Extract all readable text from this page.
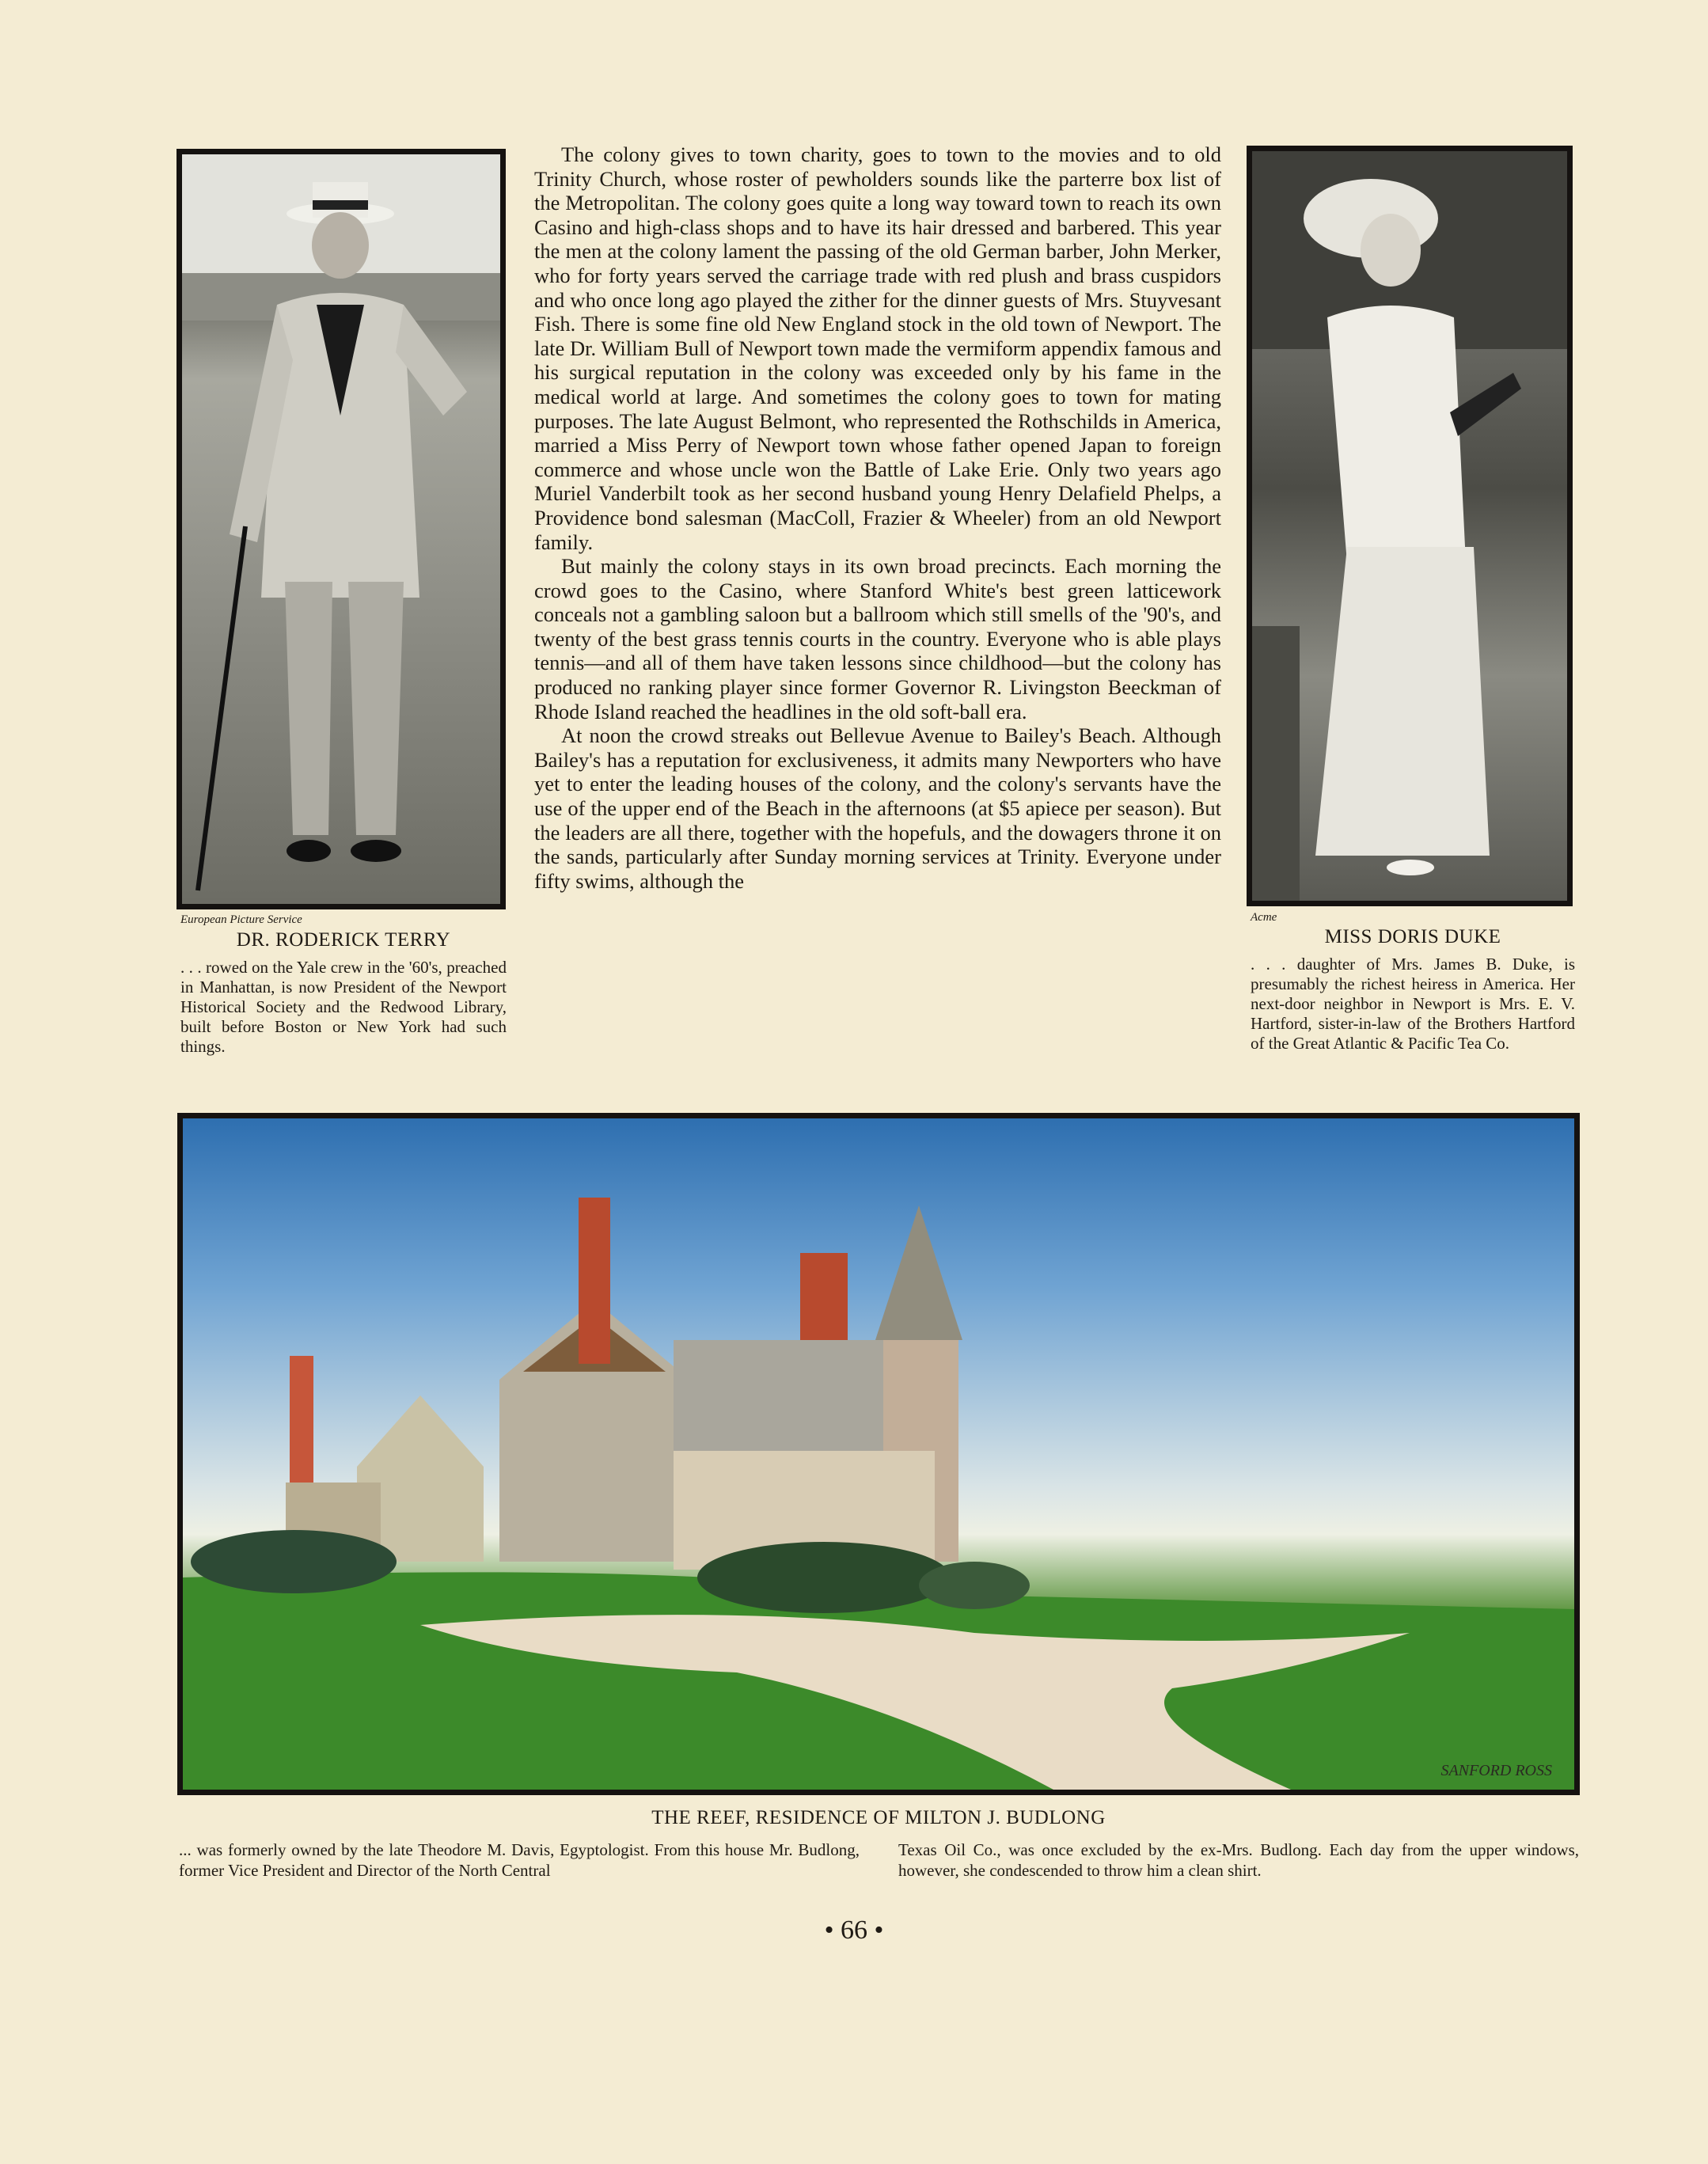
European Picture Service
DR. RODERICK TERRY
. . . rowed on the Yale crew in the '60's, preached in Manhattan, is now President of the Newport Historical Society and the Redwood Library, built before Boston or New York had such things.

The colony gives to town charity, goes to town to the movies and to old Trinity Church, whose roster of pewholders sounds like the parterre box list of the Metropolitan. The colony goes quite a long way toward town to reach its own Casino and high-class shops and to have its hair dressed and barbered. This year the men at the colony lament the passing of the old German barber, John Merker, who for forty years served the carriage trade with red plush and brass cuspidors and who once long ago played the zither for the dinner guests of Mrs. Stuyvesant Fish. There is some fine old New England stock in the old town of Newport. The late Dr. William Bull of Newport town made the vermiform appendix famous and his surgical reputation in the colony was exceeded only by his fame in the medical world at large. And sometimes the colony goes to town for mating purposes. The late August Belmont, who represented the Rothschilds in America, married a Miss Perry of Newport town whose father opened Japan to foreign commerce and whose uncle won the Battle of Lake Erie. Only two years ago Muriel Vanderbilt took as her second husband young Henry Delafield Phelps, a Providence bond salesman (MacColl, Frazier & Wheeler) from an old Newport family.

But mainly the colony stays in its own broad precincts. Each morning the crowd goes to the Casino, where Stanford White's best green latticework conceals not a gambling saloon but a ballroom which still smells of the '90's, and twenty of the best grass tennis courts in the country. Everyone who is able plays tennis—and all of them have taken lessons since childhood—but the colony has produced no ranking player since former Governor R. Livingston Beeckman of Rhode Island reached the headlines in the old soft-ball era.

At noon the crowd streaks out Bellevue Avenue to Bailey's Beach. Although Bailey's has a reputation for exclusiveness, it admits many Newporters who have yet to enter the leading houses of the colony, and the colony's servants have the use of the upper end of the Beach in the afternoons (at $5 apiece per season). But the leaders are all there, together with the hopefuls, and the dowagers throne it on the sands, particularly after Sunday morning services at Trinity. Everyone under fifty swims, although the

Acme
MISS DORIS DUKE
. . . daughter of Mrs. James B. Duke, is presumably the richest heiress in America. Her next-door neighbor in Newport is Mrs. E. V. Hartford, sister-in-law of the Brothers Hartford of the Great Atlantic & Pacific Tea Co.
SANFORD ROSS
THE REEF, RESIDENCE OF MILTON J. BUDLONG
... was formerly owned by the late Theodore M. Davis, Egyptologist. From this house Mr. Budlong, former Vice President and Director of the North Central
Texas Oil Co., was once excluded by the ex-Mrs. Budlong. Each day from the upper windows, however, she condescended to throw him a clean shirt.
• 66 •
